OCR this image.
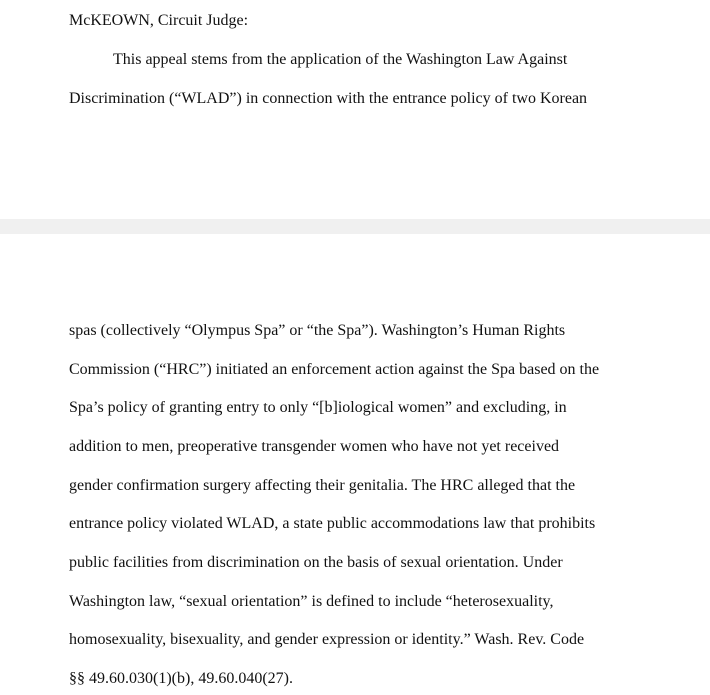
McKEOWN, Circuit Judge:
This appeal stems from the application of the Washington Law Against
Discrimination (“WLAD”) in connection with the entrance policy of two Korean
spas (collectively “Olympus Spa” or “the Spa”). Washington’s Human Rights
Commission (“HRC”) initiated an enforcement action against the Spa based on the
Spa’s policy of granting entry to only “[b]iological women” and excluding, in
addition to men, preoperative transgender women who have not yet received
gender confirmation surgery affecting their genitalia. The HRC alleged that the
entrance policy violated WLAD, a state public accommodations law that prohibits
public facilities from discrimination on the basis of sexual orientation. Under
Washington law, “sexual orientation” is defined to include “heterosexuality,
homosexuality, bisexuality, and gender expression or identity.” Wash. Rev. Code
§§ 49.60.030(1)(b), 49.60.040(27).
